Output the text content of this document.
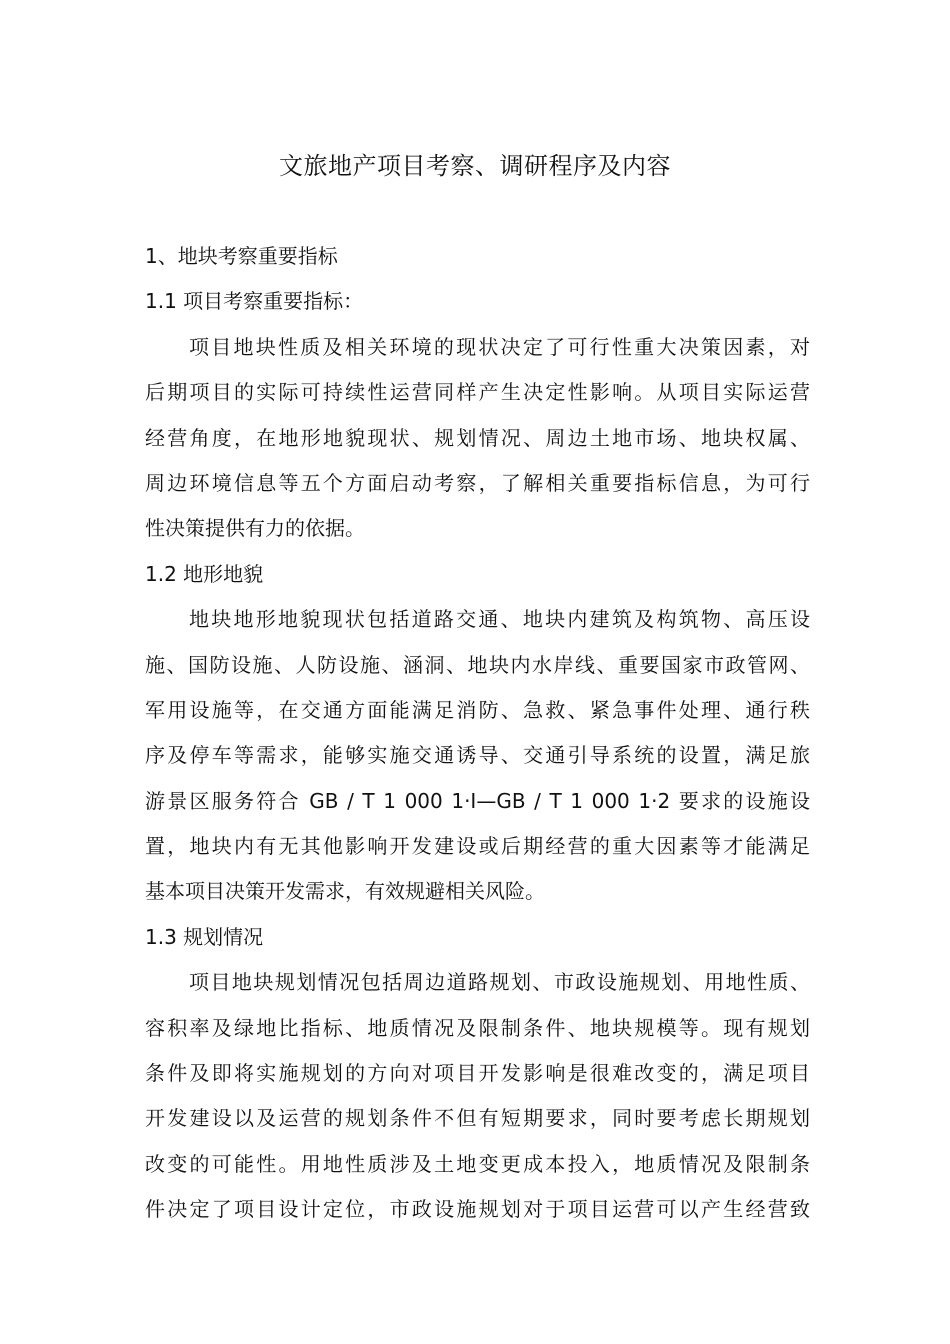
文旅地产项目考察、调研程序及内容
1、地块考察重要指标
1.1 项目考察重要指标：
项目地块性质及相关环境的现状决定了可行性重大决策因素，对
后期项目的实际可持续性运营同样产生决定性影响。从项目实际运营
经营角度，在地形地貌现状、规划情况、周边土地市场、地块权属、
周边环境信息等五个方面启动考察，了解相关重要指标信息，为可行
性决策提供有力的依据。
1.2 地形地貌
地块地形地貌现状包括道路交通、地块内建筑及构筑物、高压设
施、国防设施、人防设施、涵洞、地块内水岸线、重要国家市政管网、
军用设施等，在交通方面能满足消防、急救、紧急事件处理、通行秩
序及停车等需求，能够实施交通诱导、交通引导系统的设置，满足旅
游景区服务符合 GB / T 1 000 1·I—GB / T 1 000 1·2 要求的设施设
置，地块内有无其他影响开发建设或后期经营的重大因素等才能满足
基本项目决策开发需求，有效规避相关风险。
1.3 规划情况
项目地块规划情况包括周边道路规划、市政设施规划、用地性质、
容积率及绿地比指标、地质情况及限制条件、地块规模等。现有规划
条件及即将实施规划的方向对项目开发影响是很难改变的，满足项目
开发建设以及运营的规划条件不但有短期要求，同时要考虑长期规划
改变的可能性。用地性质涉及土地变更成本投入，地质情况及限制条
件决定了项目设计定位，市政设施规划对于项目运营可以产生经营致
